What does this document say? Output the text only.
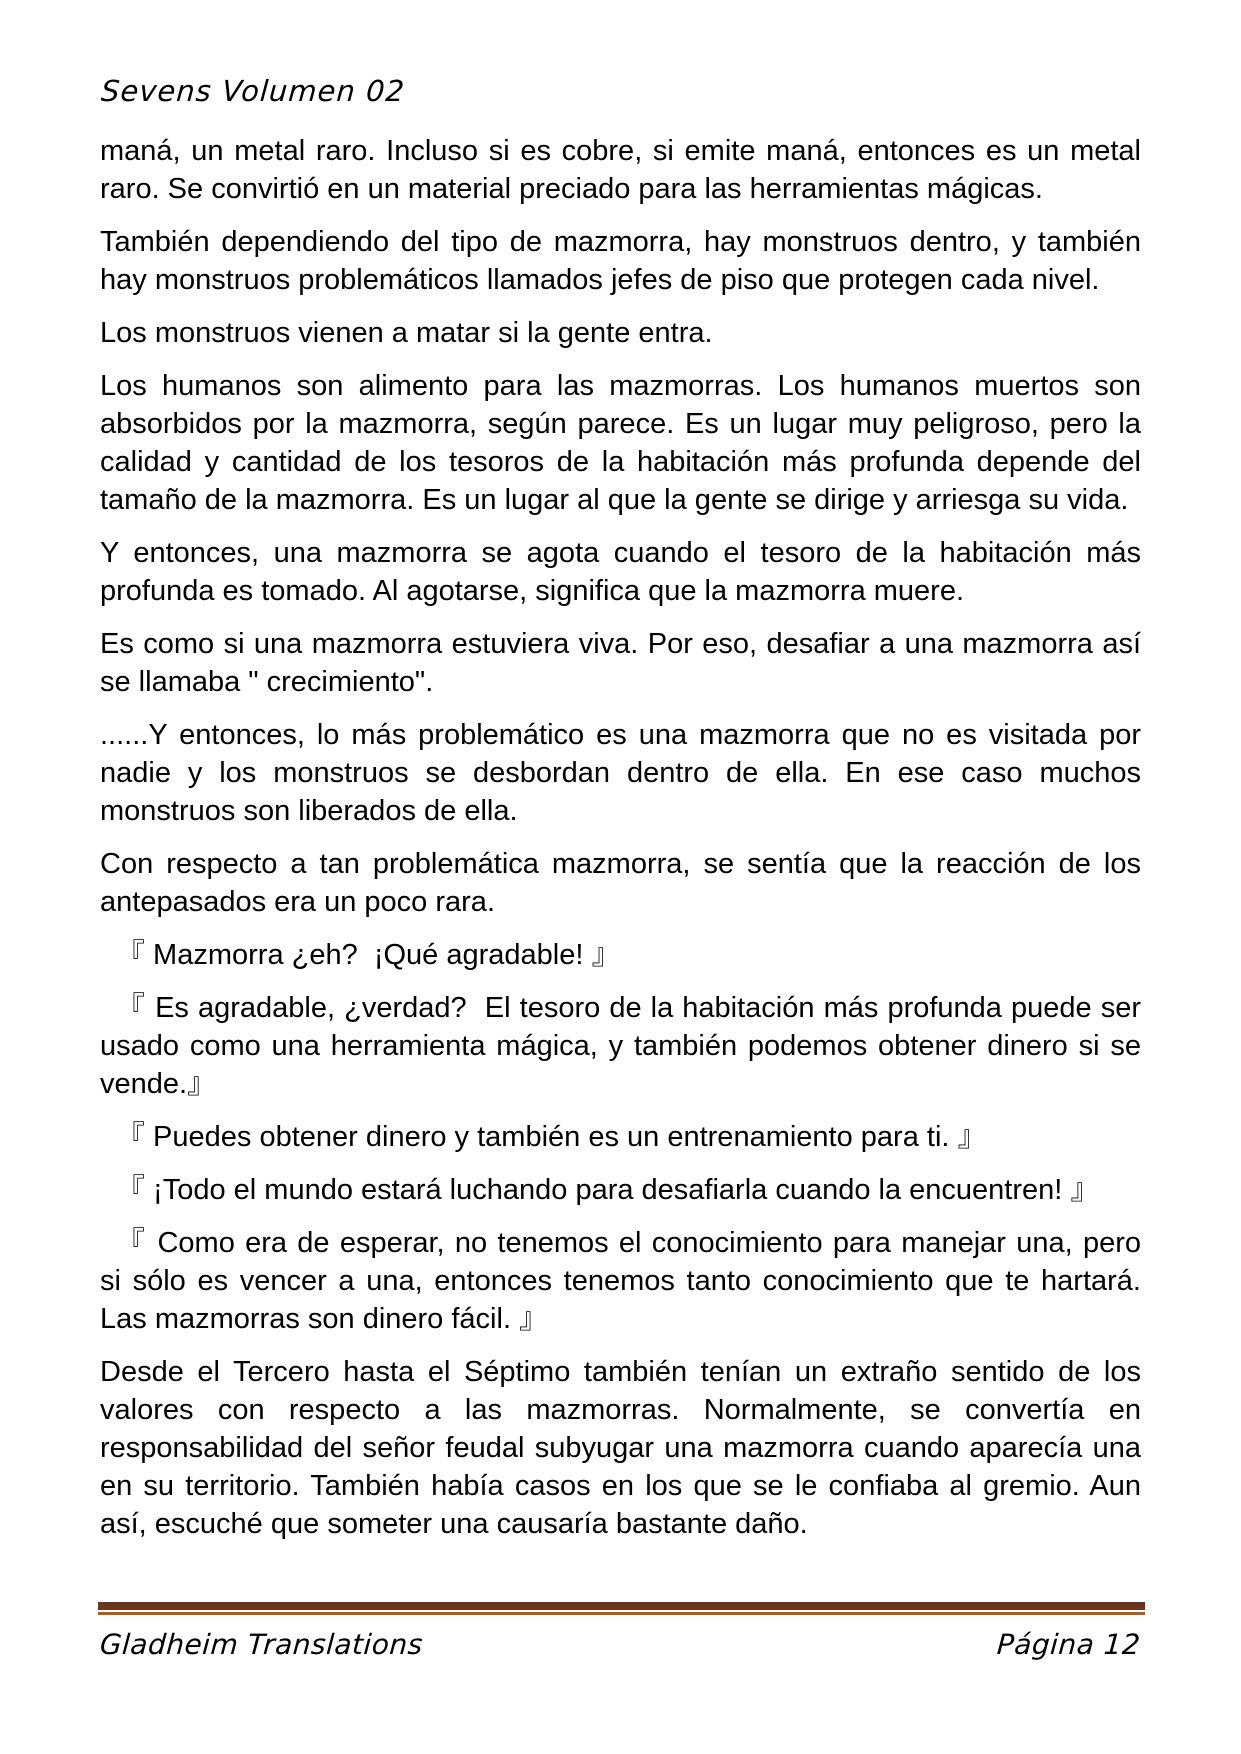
Sevens Volumen 02

maná, un metal raro. Incluso si es cobre, si emite maná, entonces es un metal raro. Se convirtió en un material preciado para las herramientas mágicas.

También dependiendo del tipo de mazmorra, hay monstruos dentro, y también hay monstruos problemáticos llamados jefes de piso que protegen cada nivel.

Los monstruos vienen a matar si la gente entra.

Los humanos son alimento para las mazmorras. Los humanos muertos son absorbidos por la mazmorra, según parece. Es un lugar muy peligroso, pero la calidad y cantidad de los tesoros de la habitación más profunda depende del tamaño de la mazmorra. Es un lugar al que la gente se dirige y arriesga su vida.

Y entonces, una mazmorra se agota cuando el tesoro de la habitación más profunda es tomado. Al agotarse, significa que la mazmorra muere.

Es como si una mazmorra estuviera viva. Por eso, desafiar a una mazmorra así se llamaba " crecimiento".

......Y entonces, lo más problemático es una mazmorra que no es visitada por nadie y los monstruos se desbordan dentro de ella. En ese caso muchos monstruos son liberados de ella.

Con respecto a tan problemática mazmorra, se sentía que la reacción de los antepasados era un poco rara.

『 Mazmorra ¿eh?  ¡Qué agradable! 』

『 Es agradable, ¿verdad?  El tesoro de la habitación más profunda puede ser usado como una herramienta mágica, y también podemos obtener dinero si se vende.』

『 Puedes obtener dinero y también es un entrenamiento para ti. 』

『 ¡Todo el mundo estará luchando para desafiarla cuando la encuentren! 』

『 Como era de esperar, no tenemos el conocimiento para manejar una, pero si sólo es vencer a una, entonces tenemos tanto conocimiento que te hartará. Las mazmorras son dinero fácil. 』

Desde el Tercero hasta el Séptimo también tenían un extraño sentido de los valores con respecto a las mazmorras. Normalmente, se convertía en responsabilidad del señor feudal subyugar una mazmorra cuando aparecía una en su territorio. También había casos en los que se le confiaba al gremio. Aun así, escuché que someter una causaría bastante daño.

Gladheim Translations	Página 12
